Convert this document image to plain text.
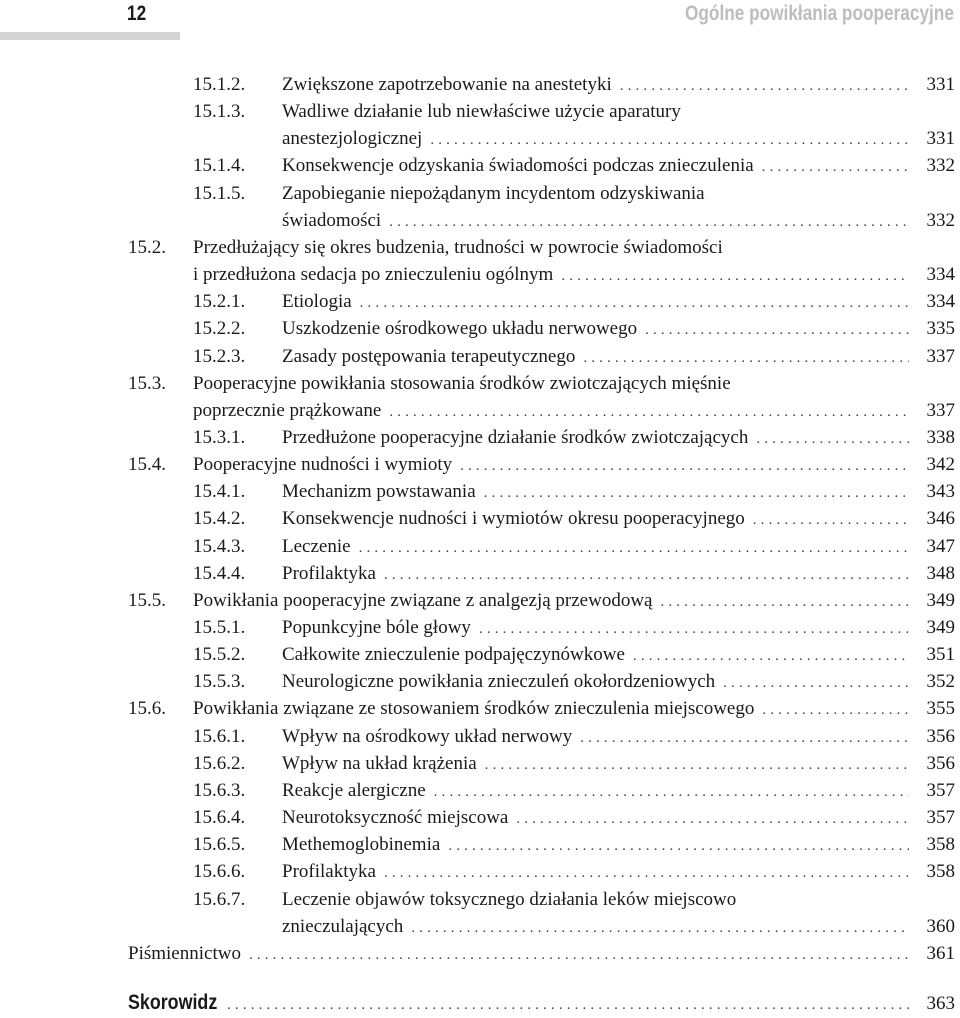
12	Ogólne powikłania pooperacyjne
15.1.2. Zwiększone zapotrzebowanie na anestetyki . . .	331
15.1.3. Wadliwe działanie lub niewłaściwe użycie aparatury
anestezjologicznej . . .	331
15.1.4. Konsekwencje odzyskania świadomości podczas znieczulenia . . .	332
15.1.5. Zapobieganie niepożądanym incydentom odzyskiwania
świadomości . . .	332
15.2. Przedłużający się okres budzenia, trudności w powrocie świadomości
i przedłużona sedacja po znieczuleniu ogólnym . . .	334
15.2.1. Etiologia . . .	334
15.2.2. Uszkodzenie ośrodkowego układu nerwowego . . .	335
15.2.3. Zasady postępowania terapeutycznego . . .	337
15.3. Pooperacyjne powikłania stosowania środków zwiotczających mięśnie
poprzecznie prążkowane . . .	337
15.3.1. Przedłużone pooperacyjne działanie środków zwiotczających . . .	338
15.4. Pooperacyjne nudności i wymioty . . .	342
15.4.1. Mechanizm powstawania . . .	343
15.4.2. Konsekwencje nudności i wymiotów okresu pooperacyjnego . . .	346
15.4.3. Leczenie . . .	347
15.4.4. Profilaktyka . . .	348
15.5. Powikłania pooperacyjne związane z analgezją przewodową . . .	349
15.5.1. Popunkcyjne bóle głowy . . .	349
15.5.2. Całkowite znieczulenie podpajęczynówkowe . . .	351
15.5.3. Neurologiczne powikłania znieczuleń okołordzeniowych . . .	352
15.6. Powikłania związane ze stosowaniem środków znieczulenia miejscowego . . .	355
15.6.1. Wpływ na ośrodkowy układ nerwowy . . .	356
15.6.2. Wpływ na układ krążenia . . .	356
15.6.3. Reakcje alergiczne . . .	357
15.6.4. Neurotoksyczność miejscowa . . .	357
15.6.5. Methemoglobinemia . . .	358
15.6.6. Profilaktyka . . .	358
15.6.7. Leczenie objawów toksycznego działania leków miejscowo
znieczulających . . .	360
Piśmiennictwo . . .	361
Skorowidz . . .	363
